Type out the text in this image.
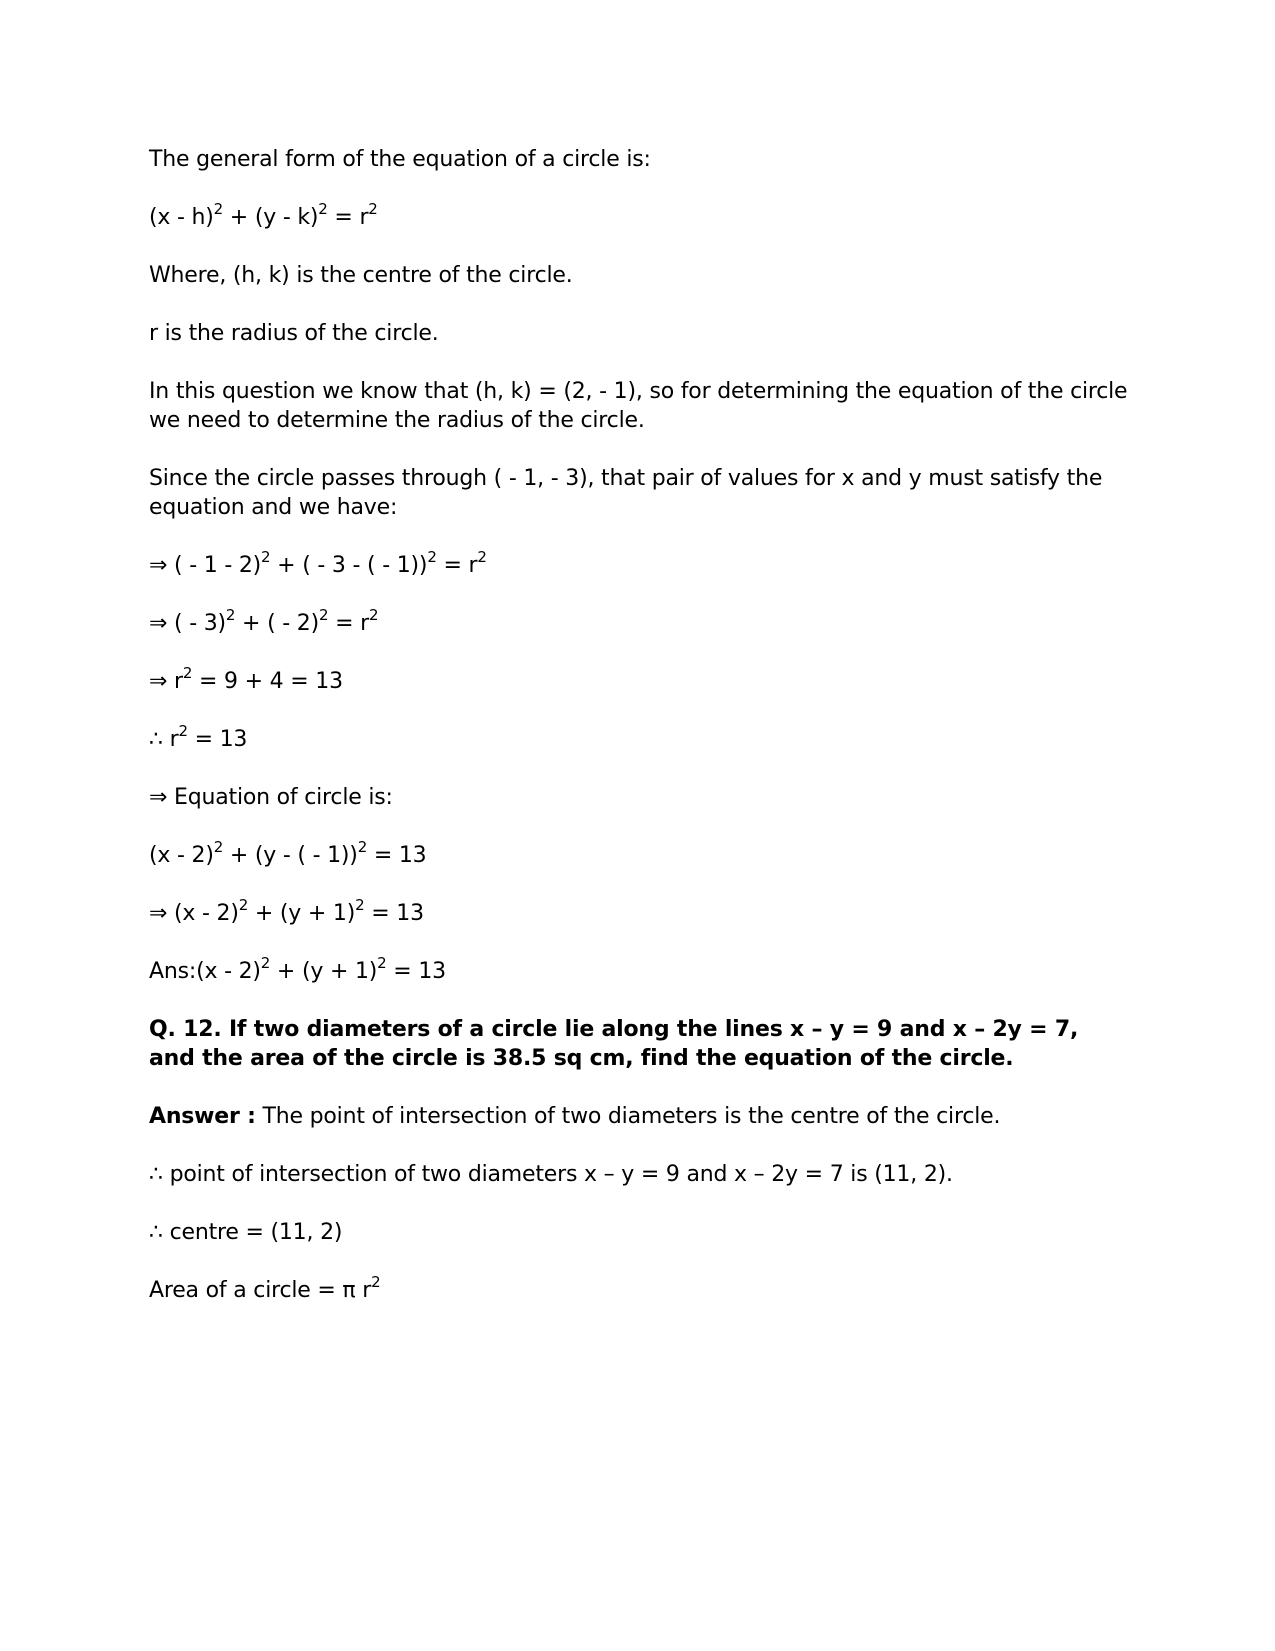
The general form of the equation of a circle is:

$(x - h)^2 + (y - k)^2 = r^2$

Where, (h, k) is the centre of the circle.

r is the radius of the circle.

In this question we know that (h, k) = (2, - 1), so for determining the equation of the circle we need to determine the radius of the circle.

Since the circle passes through ( - 1, - 3), that pair of values for x and y must satisfy the equation and we have:

⇒ ( - 1 - 2)$^2$ + ( - 3 - ( - $1))^2 = r^2$

⇒ ( - 3)$^2$ + ( - $2)^2 = r^2$

⇒ $r^2 = 9 + 4 = 13$

∴ $r^2 = 13$

⇒ Equation of circle is:

(x - 2)$^2$ + (y - ( - 1))$^2$ = 13

⇒ $(x - 2)^2 + (y + 1)^2 = 13$

Ans:(x - $2)^2 + (y + 1)^2 = 13$

Q. 12. If two diameters of a circle lie along the lines x – y = 9 and x – 2y = 7, and the area of the circle is 38.5 sq cm, find the equation of the circle.

Answer : The point of intersection of two diameters is the centre of the circle.

∴ point of intersection of two diameters x – y = 9 and x – 2y = 7 is (11, 2).

∴ centre = (11, 2)

Area of a circle = π $r^2$
